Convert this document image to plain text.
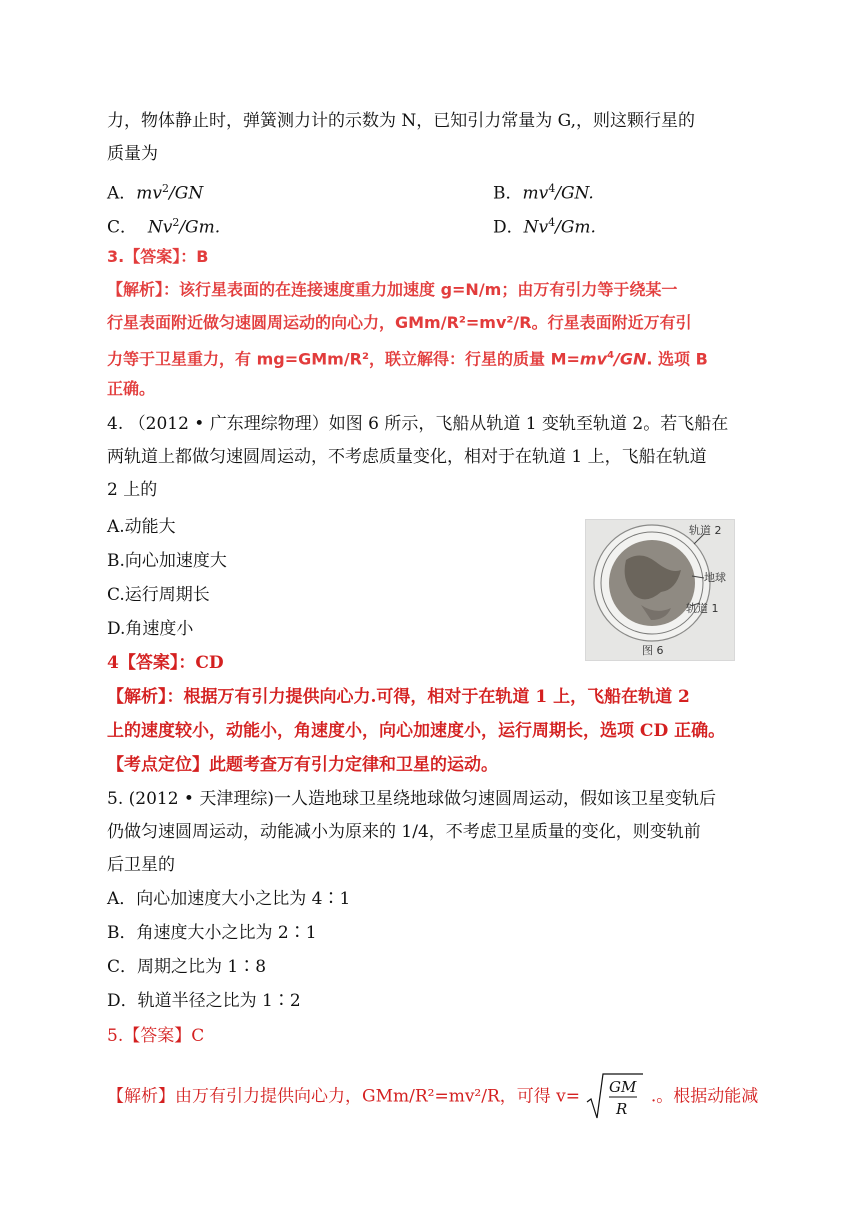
力，物体静止时，弹簧测力计的示数为 N，已知引力常量为 G,，则这颗行星的
质量为
A．$mv^2/GN$	B．$mv^4/GN$.
C． Nv$^2$/Gm.	D．Nv$^4$/Gm.
3.【答案】：B
【解析】：该行星表面的在连接速度重力加速度 g=N/m；由万有引力等于绕某一
行星表面附近做匀速圆周运动的向心力，GMm/R²=mv²/R。行星表面附近万有引
力等于卫星重力，有 mg=GMm/R²，联立解得：行星的质量 $M=mv^4/GN$. 选项 B
正确。
4. （2012 • 广东理综物理）如图 6 所示，飞船从轨道 1 变轨至轨道 2。若飞船在
两轨道上都做匀速圆周运动，不考虑质量变化，相对于在轨道 1 上，飞船在轨道
2 上的
A.动能大
B.向心加速度大
C.运行周期长
D.角速度小
轨道 2
地球
轨道 1
图 6
4【答案】：CD
【解析】：根据万有引力提供向心力.可得，相对于在轨道 1 上，飞船在轨道 2
上的速度较小，动能小，角速度小，向心加速度小，运行周期长，选项 CD 正确。
【考点定位】此题考查万有引力定律和卫星的运动。
5. (2012 • 天津理综)一人造地球卫星绕地球做匀速圆周运动，假如该卫星变轨后
仍做匀速圆周运动，动能减小为原来的 1/4，不考虑卫星质量的变化，则变轨前
后卫星的
A．向心加速度大小之比为 4∶1
B．角速度大小之比为 2∶1
C．周期之比为 1∶8
D．轨道半径之比为 1∶2
5.【答案】C
【解析】由万有引力提供向心力，GMm/R²=mv²/R，可得 v= GM
R
.。根据动能减
